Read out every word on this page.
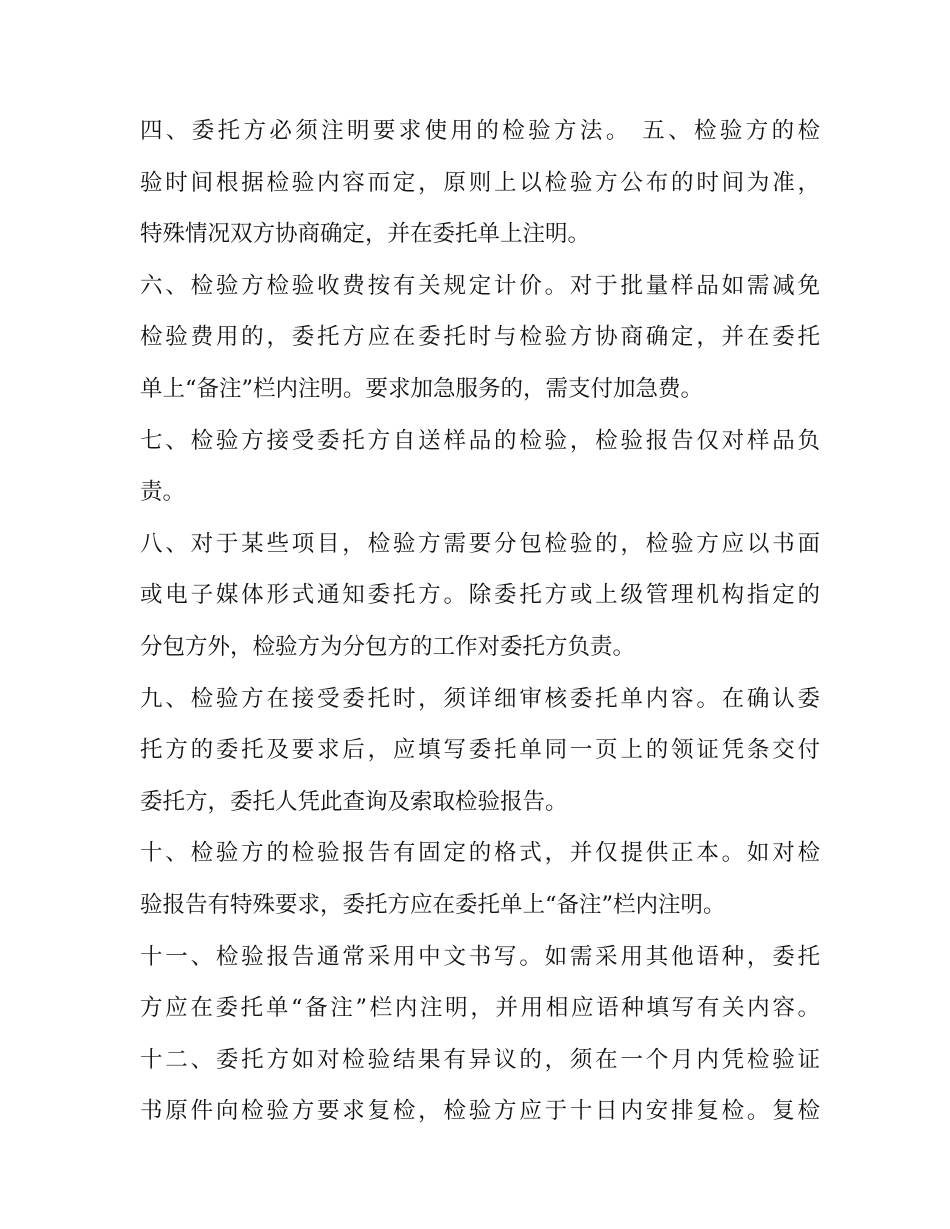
四、委托方必须注明要求使用的检验方法。 五、检验方的检
验时间根据检验内容而定，原则上以检验方公布的时间为准，
特殊情况双方协商确定，并在委托单上注明。
六、检验方检验收费按有关规定计价。对于批量样品如需减免
检验费用的，委托方应在委托时与检验方协商确定，并在委托
单上“备注”栏内注明。要求加急服务的，需支付加急费。
七、检验方接受委托方自送样品的检验，检验报告仅对样品负
责。
八、对于某些项目，检验方需要分包检验的，检验方应以书面
或电子媒体形式通知委托方。除委托方或上级管理机构指定的
分包方外，检验方为分包方的工作对委托方负责。
九、检验方在接受委托时，须详细审核委托单内容。在确认委
托方的委托及要求后，应填写委托单同一页上的领证凭条交付
委托方，委托人凭此查询及索取检验报告。
十、检验方的检验报告有固定的格式，并仅提供正本。如对检
验报告有特殊要求，委托方应在委托单上“备注”栏内注明。
十一、检验报告通常采用中文书写。如需采用其他语种，委托
方应在委托单“备注”栏内注明，并用相应语种填写有关内容。
十二、委托方如对检验结果有异议的，须在一个月内凭检验证
书原件向检验方要求复检，检验方应于十日内安排复检。复检
